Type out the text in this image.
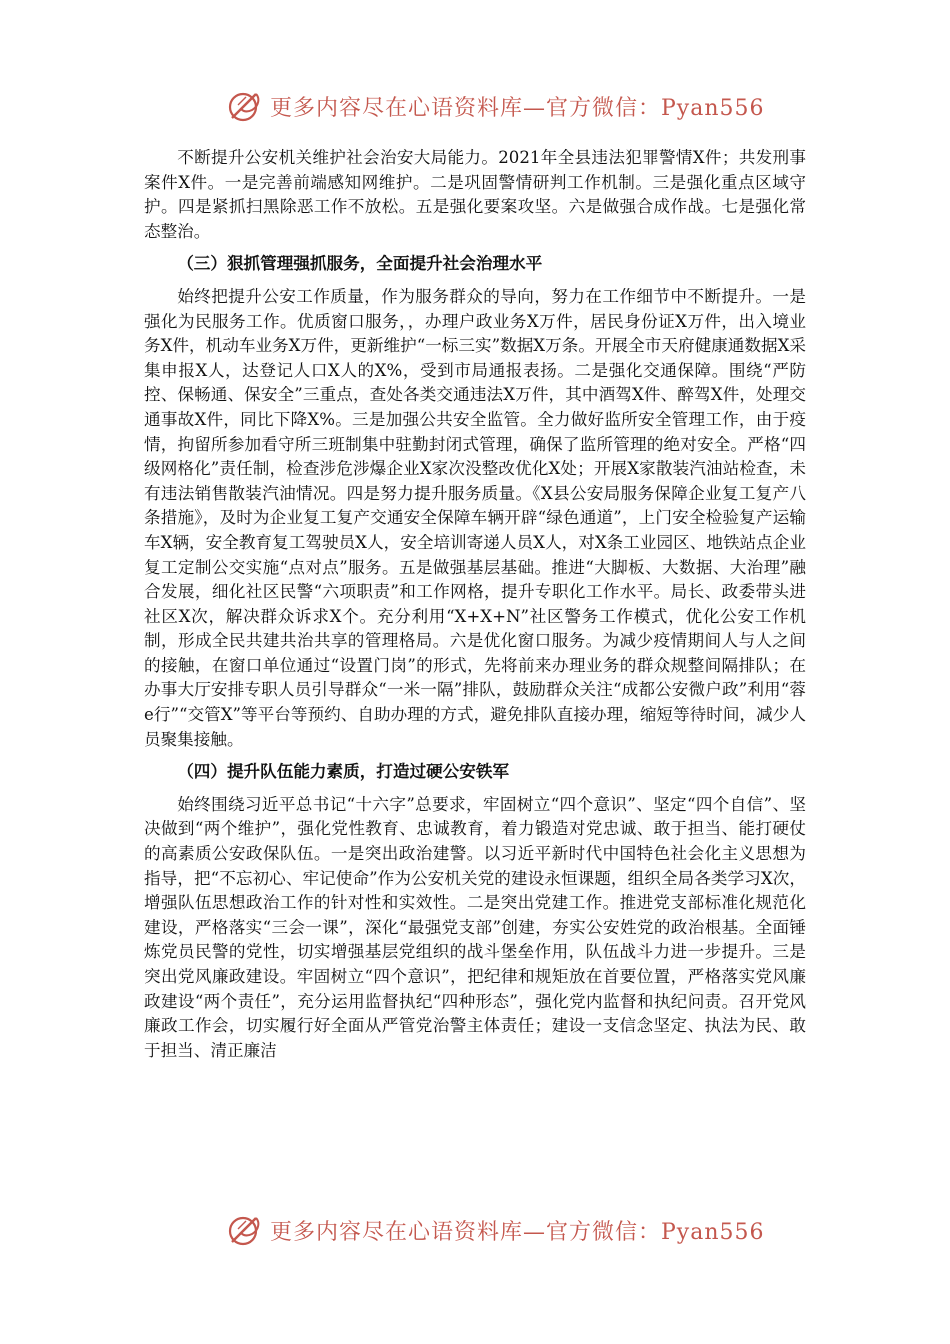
更多内容尽在心语资料库—官方微信：Pyan556

不断提升公安机关维护社会治安大局能力。2021年全县违法犯罪警情X件；共发刑事案件X件。一是完善前端感知网维护。二是巩固警情研判工作机制。三是强化重点区域守护。四是紧抓扫黑除恶工作不放松。五是强化要案攻坚。六是做强合成作战。七是强化常态整治。

（三）狠抓管理强抓服务，全面提升社会治理水平

始终把提升公安工作质量，作为服务群众的导向，努力在工作细节中不断提升。一是强化为民服务工作。优质窗口服务，，办理户政业务X万件，居民身份证X万件，出入境业务X件，机动车业务X万件，更新维护“一标三实”数据X万条。开展全市天府健康通数据X采集申报X人，达登记人口X人的X%，受到市局通报表扬。二是强化交通保障。围绕“严防控、保畅通、保安全”三重点，查处各类交通违法X万件，其中酒驾X件、醉驾X件，处理交通事故X件，同比下降X%。三是加强公共安全监管。全力做好监所安全管理工作，由于疫情，拘留所参加看守所三班制集中驻勤封闭式管理，确保了监所管理的绝对安全。严格“四级网格化”责任制，检查涉危涉爆企业X家次没整改优化X处；开展X家散装汽油站检查，未有违法销售散装汽油情况。四是努力提升服务质量。《X县公安局服务保障企业复工复产八条措施》，及时为企业复工复产交通安全保障车辆开辟“绿色通道”，上门安全检验复产运输车X辆，安全教育复工驾驶员X人，安全培训寄递人员X人，对X条工业园区、地铁站点企业复工定制公交实施“点对点”服务。五是做强基层基础。推进“大脚板、大数据、大治理”融合发展，细化社区民警“六项职责”和工作网格，提升专职化工作水平。局长、政委带头进社区X次，解决群众诉求X个。充分利用“X+X+N”社区警务工作模式，优化公安工作机制，形成全民共建共治共享的管理格局。六是优化窗口服务。为减少疫情期间人与人之间的接触，在窗口单位通过“设置门岗”的形式，先将前来办理业务的群众规整间隔排队；在办事大厅安排专职人员引导群众“一米一隔”排队，鼓励群众关注“成都公安微户政”利用“蓉e行”“交管X”等平台等预约、自助办理的方式，避免排队直接办理，缩短等待时间，减少人员聚集接触。

（四）提升队伍能力素质，打造过硬公安铁军

始终围绕习近平总书记“十六字”总要求，牢固树立“四个意识”、坚定“四个自信”、坚决做到“两个维护”，强化党性教育、忠诚教育，着力锻造对党忠诚、敢于担当、能打硬仗的高素质公安政保队伍。一是突出政治建警。以习近平新时代中国特色社会化主义思想为指导，把“不忘初心、牢记使命”作为公安机关党的建设永恒课题，组织全局各类学习X次，增强队伍思想政治工作的针对性和实效性。二是突出党建工作。推进党支部标准化规范化建设，严格落实“三会一课”，深化“最强党支部”创建，夯实公安姓党的政治根基。全面锤炼党员民警的党性，切实增强基层党组织的战斗堡垒作用，队伍战斗力进一步提升。三是突出党风廉政建设。牢固树立“四个意识”，把纪律和规矩放在首要位置，严格落实党风廉政建设“两个责任”，充分运用监督执纪“四种形态”，强化党内监督和执纪问责。召开党风廉政工作会，切实履行好全面从严管党治警主体责任；建设一支信念坚定、执法为民、敢于担当、清正廉洁

更多内容尽在心语资料库—官方微信：Pyan556
